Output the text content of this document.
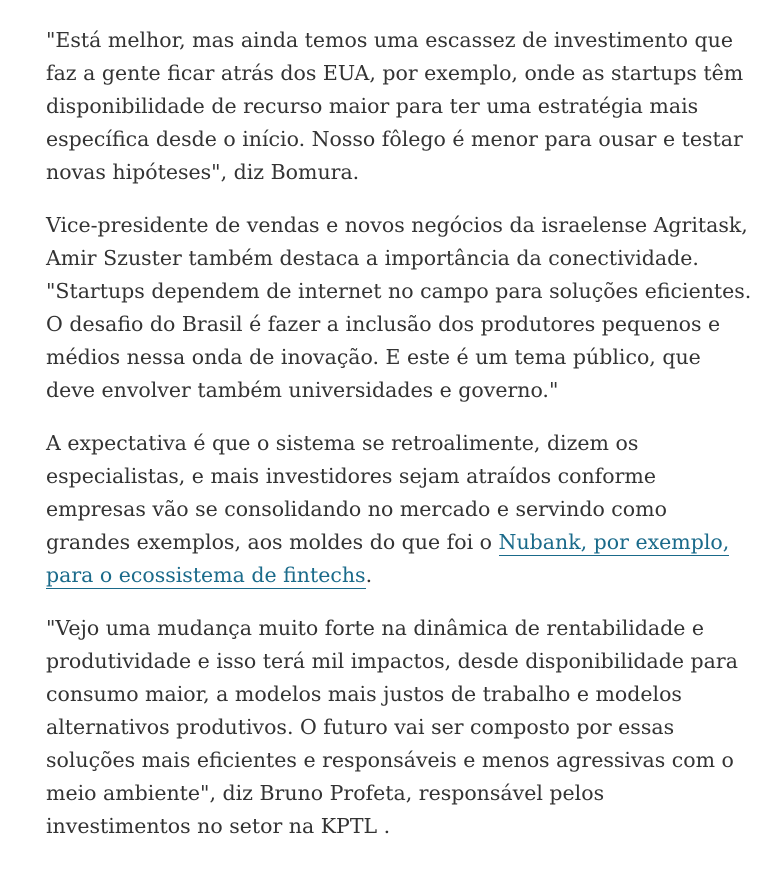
"Está melhor, mas ainda temos uma escassez de investimento que faz a gente ficar atrás dos EUA, por exemplo, onde as startups têm disponibilidade de recurso maior para ter uma estratégia mais específica desde o início. Nosso fôlego é menor para ousar e testar novas hipóteses", diz Bomura.

Vice-presidente de vendas e novos negócios da israelense Agritask, Amir Szuster também destaca a importância da conectividade. "Startups dependem de internet no campo para soluções eficientes. O desafio do Brasil é fazer a inclusão dos produtores pequenos e médios nessa onda de inovação. E este é um tema público, que deve envolver também universidades e governo."

A expectativa é que o sistema se retroalimente, dizem os especialistas, e mais investidores sejam atraídos conforme empresas vão se consolidando no mercado e servindo como grandes exemplos, aos moldes do que foi o Nubank, por exemplo, para o ecossistema de fintechs.

"Vejo uma mudança muito forte na dinâmica de rentabilidade e produtividade e isso terá mil impactos, desde disponibilidade para consumo maior, a modelos mais justos de trabalho e modelos alternativos produtivos. O futuro vai ser composto por essas soluções mais eficientes e responsáveis e menos agressivas com o meio ambiente", diz Bruno Profeta, responsável pelos investimentos no setor na KPTL .
